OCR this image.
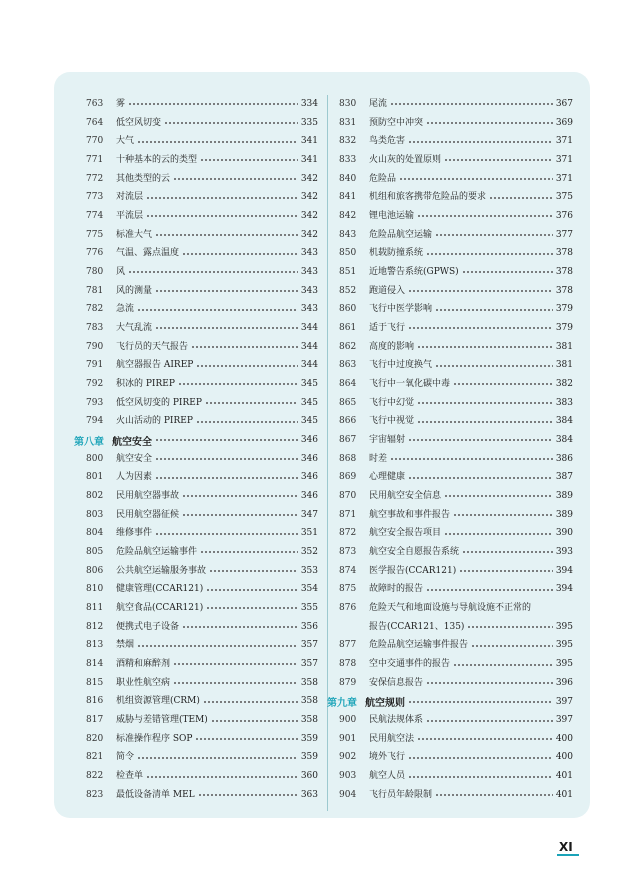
763	雾	334
764	低空风切变	335
770	大气	341
771	十种基本的云的类型	341
772	其他类型的云	342
773	对流层	342
774	平流层	342
775	标准大气	342
776	气温、露点温度	343
780	风	343
781	风的测量	343
782	急流	343
783	大气乱流	344
790	飞行员的天气报告	344
791	航空器报告 AIREP	344
792	积冰的 PIREP	345
793	低空风切变的 PIREP	345
794	火山活动的 PIREP	345
第八章 航空安全	346
800	航空安全	346
801	人为因素	346
802	民用航空器事故	346
803	民用航空器征候	347
804	维修事件	351
805	危险品航空运输事件	352
806	公共航空运输服务事故	353
810	健康管理(CCAR121)	354
811	航空食品(CCAR121)	355
812	便携式电子设备	356
813	禁烟	357
814	酒精和麻醉剂	357
815	职业性航空病	358
816	机组资源管理(CRM)	358
817	威胁与差错管理(TEM)	358
820	标准操作程序 SOP	359
821	简令	359
822	检查单	360
823	最低设备清单 MEL	363
830	尾流	367
831	预防空中冲突	369
832	鸟类危害	371
833	火山灰的处置原则	371
840	危险品	371
841	机组和旅客携带危险品的要求	375
842	锂电池运输	376
843	危险品航空运输	377
850	机载防撞系统	378
851	近地警告系统(GPWS)	378
852	跑道侵入	378
860	飞行中医学影响	379
861	适于飞行	379
862	高度的影响	381
863	飞行中过度换气	381
864	飞行中一氧化碳中毒	382
865	飞行中幻觉	383
866	飞行中视觉	384
867	宇宙辐射	384
868	时差	386
869	心理健康	387
870	民用航空安全信息	389
871	航空事故和事件报告	389
872	航空安全报告项目	390
873	航空安全自愿报告系统	393
874	医学报告(CCAR121)	394
875	故障时的报告	394
876	危险天气和地面设施与导航设施不正常的
报告(CCAR121、135)	395
877	危险品航空运输事件报告	395
878	空中交通事件的报告	395
879	安保信息报告	396
第九章 航空规则	397
900	民航法规体系	397
901	民用航空法	400
902	境外飞行	400
903	航空人员	401
904	飞行员年龄限制	401
XI
